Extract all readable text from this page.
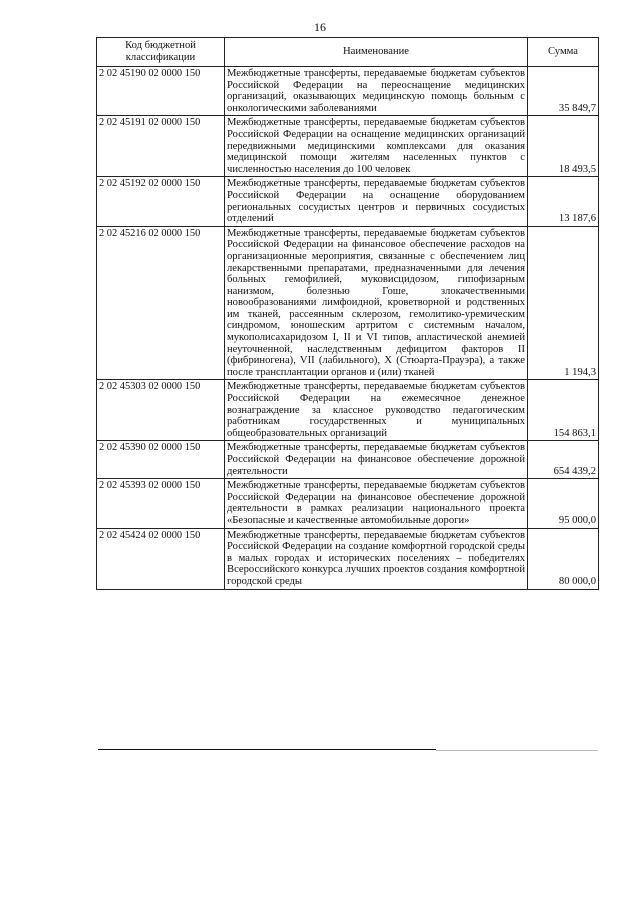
16
Код бюджетной классификации	Наименование	Сумма
2 02 45190 02 0000 150	Межбюджетные трансферты, передаваемые бюджетам субъектов Российской Федерации на переоснащение медицинских организаций, оказывающих медицинскую помощь больным с онкологическими заболеваниями	35 849,7
2 02 45191 02 0000 150	Межбюджетные трансферты, передаваемые бюджетам субъектов Российской Федерации на оснащение медицинских организаций передвижными медицинскими комплексами для оказания медицинской помощи жителям населенных пунктов с численностью населения до 100 человек	18 493,5
2 02 45192 02 0000 150	Межбюджетные трансферты, передаваемые бюджетам субъектов Российской Федерации на оснащение оборудованием региональных сосудистых центров и первичных сосудистых отделений	13 187,6
2 02 45216 02 0000 150	Межбюджетные трансферты, передаваемые бюджетам субъектов Российской Федерации на финансовое обеспечение расходов на организационные мероприятия, связанные с обеспечением лиц лекарственными препаратами, предназначенными для лечения больных гемофилией, муковисцидозом, гипофизарным нанизмом, болезнью Гоше, злокачественными новообразованиями лимфоидной, кроветворной и родственных им тканей, рассеянным склерозом, гемолитико-уремическим синдромом, юношеским артритом с системным началом, мукополисахаридозом I, II и VI типов, апластической анемией неуточненной, наследственным дефицитом факторов II (фибриногена), VII (лабильного), X (Стюарта-Прауэра), а также после трансплантации органов и (или) тканей	1 194,3
2 02 45303 02 0000 150	Межбюджетные трансферты, передаваемые бюджетам субъектов Российской Федерации на ежемесячное денежное вознаграждение за классное руководство педагогическим работникам государственных и муниципальных общеобразовательных организаций	154 863,1
2 02 45390 02 0000 150	Межбюджетные трансферты, передаваемые бюджетам субъектов Российской Федерации на финансовое обеспечение дорожной деятельности	654 439,2
2 02 45393 02 0000 150	Межбюджетные трансферты, передаваемые бюджетам субъектов Российской Федерации на финансовое обеспечение дорожной деятельности в рамках реализации национального проекта «Безопасные и качественные автомобильные дороги»	95 000,0
2 02 45424 02 0000 150	Межбюджетные трансферты, передаваемые бюджетам субъектов Российской Федерации на создание комфортной городской среды в малых городах и исторических поселениях – победителях Всероссийского конкурса лучших проектов создания комфортной городской среды	80 000,0
